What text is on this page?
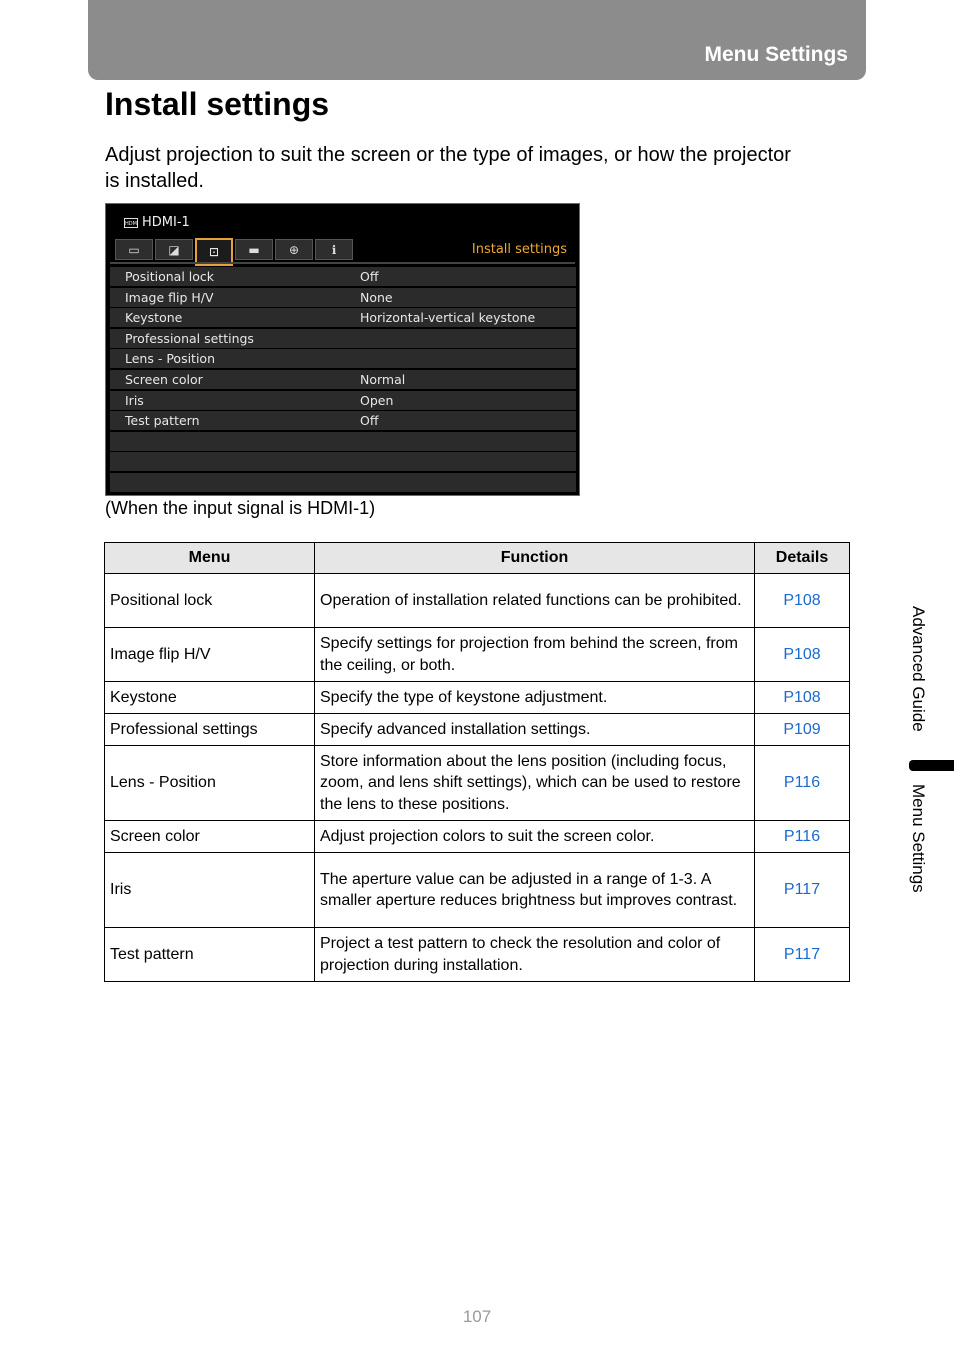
Menu Settings
Install settings

Adjust projection to suit the screen or the type of images, or how the projector is installed.

HDMI HDMI-1
▭	◪	⊡	▬	⊕	ℹ	Install settings
Positional lock	Off
Image flip H/V	None
Keystone	Horizontal-vertical keystone
Professional settings
Lens - Position
Screen color	Normal
Iris	Open
Test pattern	Off

(When the input signal is HDMI-1)

Menu	Function	Details
Positional lock	Operation of installation related functions can be prohibited.	P108
Image flip H/V	Specify settings for projection from behind the screen, from the ceiling, or both.	P108
Keystone	Specify the type of keystone adjustment.	P108
Professional settings	Specify advanced installation settings.	P109
Lens - Position	Store information about the lens position (including focus, zoom, and lens shift settings), which can be used to restore the lens to these positions.	P116
Screen color	Adjust projection colors to suit the screen color.	P116
Iris	The aperture value can be adjusted in a range of 1-3. A smaller aperture reduces brightness but improves contrast.	P117
Test pattern	Project a test pattern to check the resolution and color of projection during installation.	P117
Advanced Guide
Menu Settings
107
